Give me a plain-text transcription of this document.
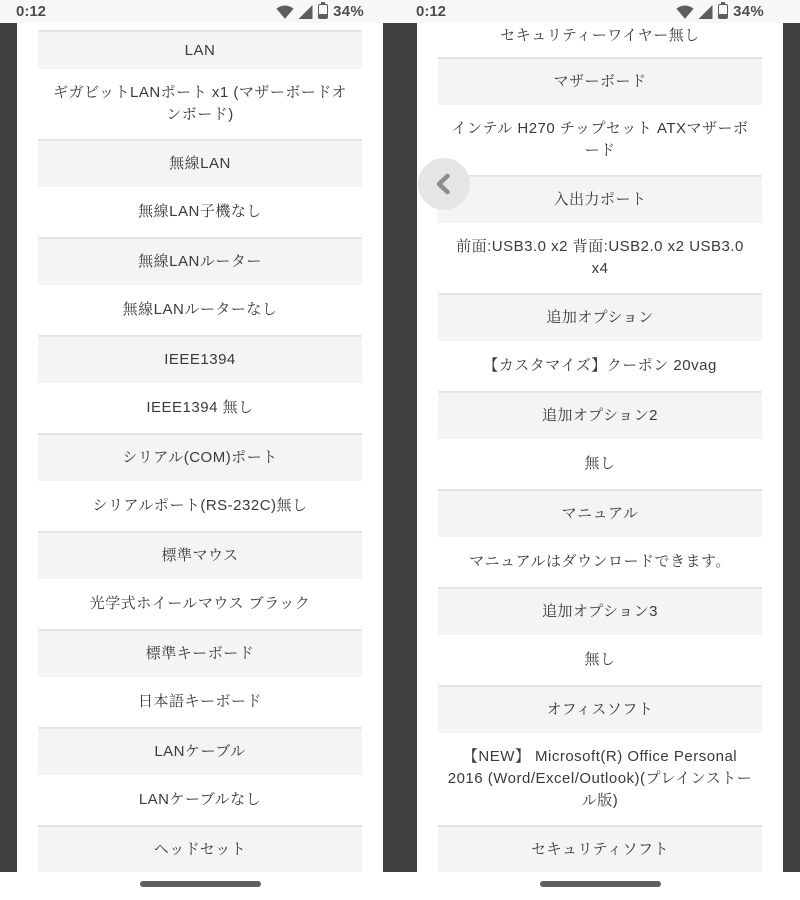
0:12	34%
LAN
ギガビットLANポート x1 (マザーボードオンボード)
無線LAN
無線LAN子機なし
無線LANルーター
無線LANルーターなし
IEEE1394
IEEE1394 無し
シリアル(COM)ポート
シリアルポート(RS-232C)無し
標準マウス
光学式ホイールマウス ブラック
標準キーボード
日本語キーボード
LANケーブル
LANケーブルなし
ヘッドセット
0:12	34%
セキュリティーワイヤー無し
マザーボード
インテル H270 チップセット ATXマザーボード
入出力ポート
前面:USB3.0 x2 背面:USB2.0 x2 USB3.0 x4
追加オプション
【カスタマイズ】クーポン 20vag
追加オプション2
無し
マニュアル
マニュアルはダウンロードできます。
追加オプション3
無し
オフィスソフト
【NEW】 Microsoft(R) Office Personal 2016 (Word/Excel/Outlook)(プレインストール版)
セキュリティソフト
